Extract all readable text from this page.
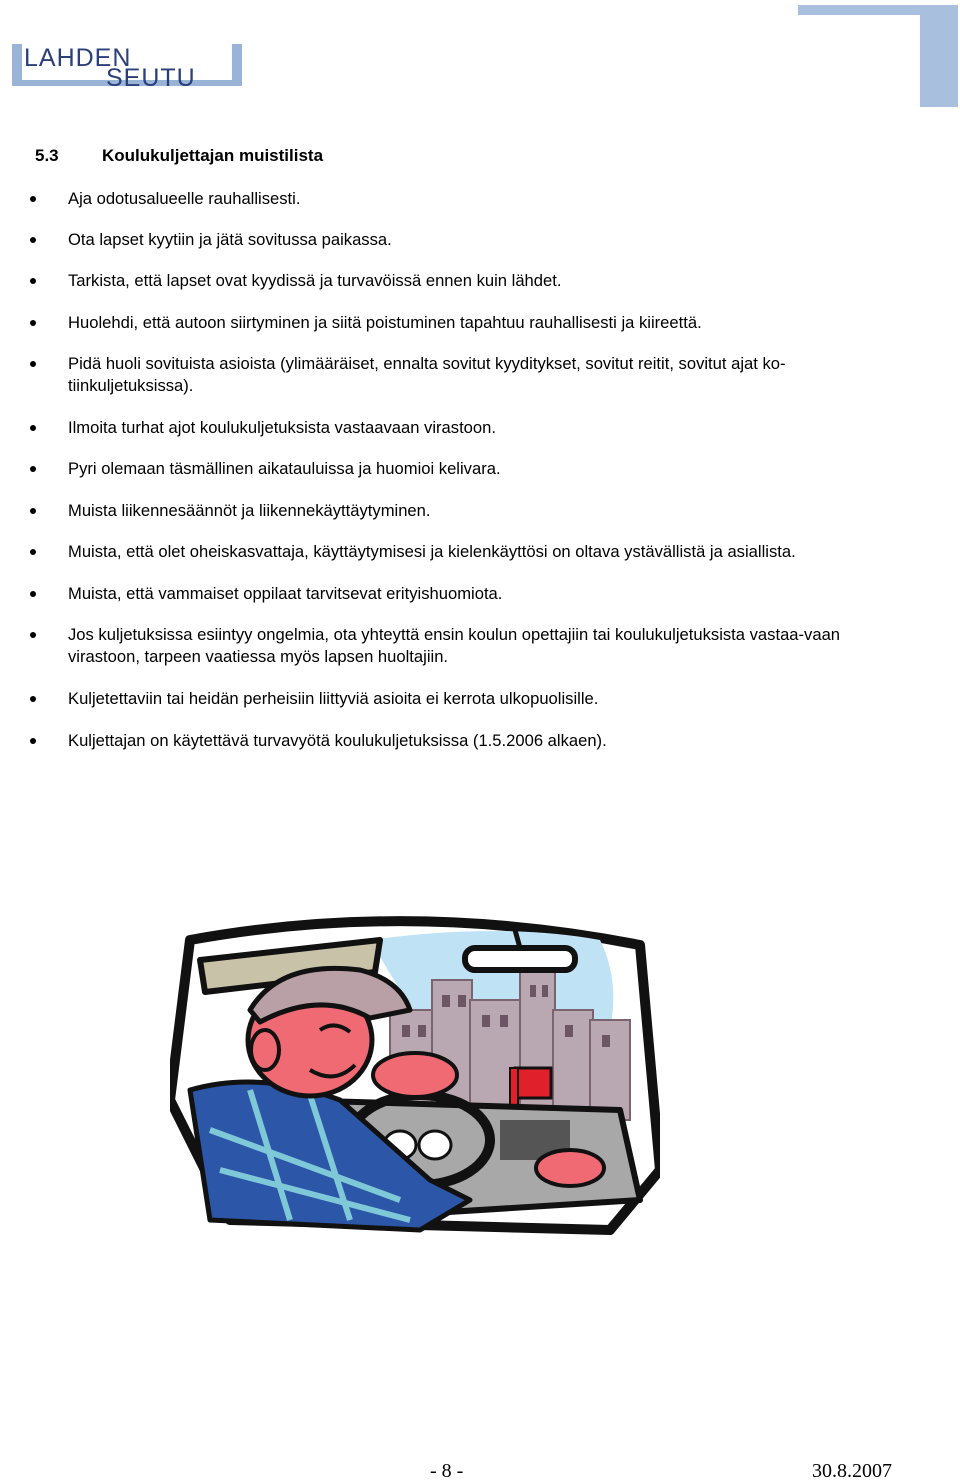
LAHDEN
SEUTU
5.3	Koulukuljettajan muistilista
Aja odotusalueelle rauhallisesti.
Ota lapset kyytiin ja jätä sovitussa paikassa.
Tarkista, että lapset ovat kyydissä ja turvavöissä ennen kuin lähdet.
Huolehdi, että autoon siirtyminen ja siitä poistuminen tapahtuu rauhallisesti ja kiireettä.
Pidä huoli sovituista asioista (ylimääräiset, ennalta sovitut kyyditykset, sovitut reitit, sovitut ajat ko-tiinkuljetuksissa).
Ilmoita turhat ajot koulukuljetuksista vastaavaan virastoon.
Pyri olemaan täsmällinen aikatauluissa ja huomioi kelivara.
Muista liikennesäännöt ja liikennekäyttäytyminen.
Muista, että olet oheiskasvattaja, käyttäytymisesi ja kielenkäyttösi on oltava ystävällistä ja asiallista.
Muista, että vammaiset oppilaat tarvitsevat erityishuomiota.
Jos kuljetuksissa esiintyy ongelmia, ota yhteyttä ensin koulun opettajiin tai koulukuljetuksista vastaa-vaan virastoon, tarpeen vaatiessa myös lapsen huoltajiin.
Kuljetettaviin tai heidän perheisiin liittyviä asioita ei kerrota ulkopuolisille.
Kuljettajan on käytettävä turvavyötä koulukuljetuksissa (1.5.2006 alkaen).
- 8 -	30.8.2007
